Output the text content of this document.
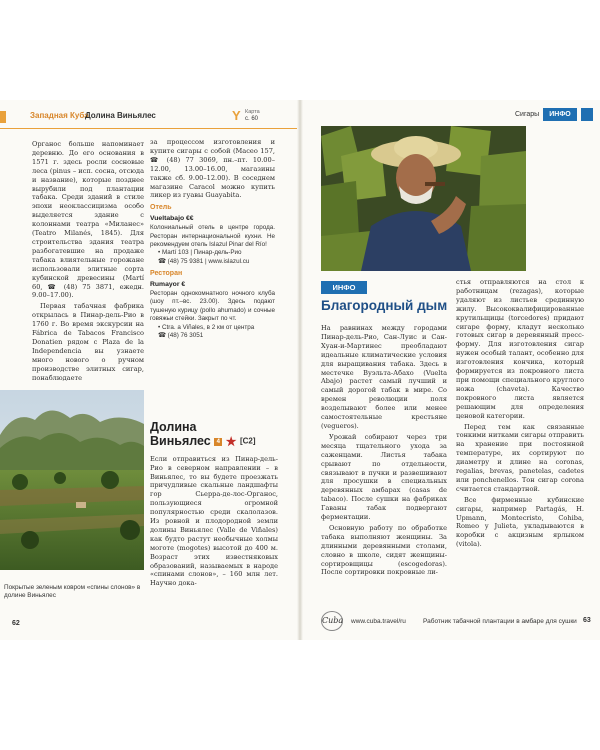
Западная Куба
Долина Виньялес	Y Карта
с. 60

Органос больше напоминает деревню. До его основания в 1571 г. здесь росли сосновые леса (pinus – исп. сосна, отсюда и название), которые позднее вырубили под плантации табака. Среди зданий в стиле эпохи неоклассицизма особо выделяется здание с колоннами театра «Миланес» (Teatro Milanés, 1845). Для строительства здания театра разбогатевшие на продаже табака влиятельные горожане использовали элитные сорта кубинской древесины (Martí 60, ☎ (48) 75 3871, ежедн. 9.00–17.00).

Первая табачная фабрика открылась в Пинар-дель-Рио в 1760 г. Во время экскурсии на Fábrica de Tabacos Francisco Donatien рядом с Plaza de la Independencia вы узнаете много нового о ручном производстве элитных сигар, понаблюдаете

за процессом изготовления и купите сигары с собой (Maceo 157, ☎ (48) 77 3069, пн.–пт. 10.00–12.00, 13.00–16.00, магазины также сб. 9.00–12.00). В соседнем магазине Caracol можно купить ликер из гуавы Guayabita.

Отель
Vueltabajo €€
Колониальный отель в центре города. Ресторан интернациональной кухни. Не рекомендуем отель Islazul Pinar del Río!
• Martí 103 | Пинар-дель-Рио
☎ (48) 75 9381 | www.islazul.cu
Ресторан
Rumayor €
Ресторан однокомнатного ночного клуба (шоу пт.–вс. 23.00). Здесь подают тушеную курицу (pollo ahumado) и сочные говяжьи стейки. Закрыт по чт.
• Ctra. a Viñales, в 2 км от центра
☎ (48) 76 3051
Покрытые зеленым ковром «спины слонов» в долине Виньялес
Долина
Виньялес 4 ★ [C2]
Если отправиться из Пинар-дель-Рио в северном направлении – в Виньялес, то вы будете проезжать причудливые скальные ландшафты гор Сьерра-де-лос-Органос, пользующиеся огромной популярностью среди скалолазов. Из ровной и плодородной земли долины Виньялес (Valle de Viñales) как будто растут необычные холмы моготе (mogotes) высотой до 400 м. Возраст этих известняковых образований, называемых в народе «спинами слонов», – 160 млн лет. Научно дока-
62
Сигары	ИНФО
ИНФО
Благородный дым

На равнинах между городами Пинар-дель-Рио, Сан-Луис и Сан-Хуан-и-Мартинес преобладают идеальные климатические условия для выращивания табака. Здесь в местечке Вуэльта-Абахо (Vuelta Abajo) растет самый лучший и самый дорогой табак в мире. Со времен революции поля возделывают более или менее самостоятельные крестьяне (vegueros).

Урожай собирают через три месяца тщательного ухода за саженцами. Листья табака срывают по отдельности, связывают в пучки и развешивают для просушки в специальных деревянных амбарах (casas de tabaco). После сушки на фабриках Гаваны табак подвергают ферментации.

Основную работу по обработке табака выполняют женщины. За длинными деревянными столами, словно в школе, сидят женщины-сортировщицы (escogedoras). После сортировки покровные ли-

стья отправляются на стол к работницам (rezagas), которые удаляют из листьев срединную жилу. Высококвалифицированные крутильщицы (torcedores) придают сигаре форму, кладут несколько готовых сигар в деревянный пресс-форму. Для изготовления сигар нужен особый талант, особенно для изготовления кончика, который формируется из покровного листа при помощи специального круглого ножа (chaveta). Качество покровного листа является решающим для определения ценовой категории.

Перед тем как связанные тонкими нитками сигары отправить на хранение при постоянной температуре, их сортируют по диаметру и длине на coronas, regalias, brevas, panetelas, cadetes или ponchenellos. Тон сигар corona считается стандартной.

Все фирменные кубинские сигары, например Partagás, H. Upmann, Montecristo, Cohiba, Romeo y Julieta, укладываются в коробки с акцизным ярлыком (vitola).

Cuba www.cuba.travel/ru	Работник табачной плантации в амбаре для сушки 63
